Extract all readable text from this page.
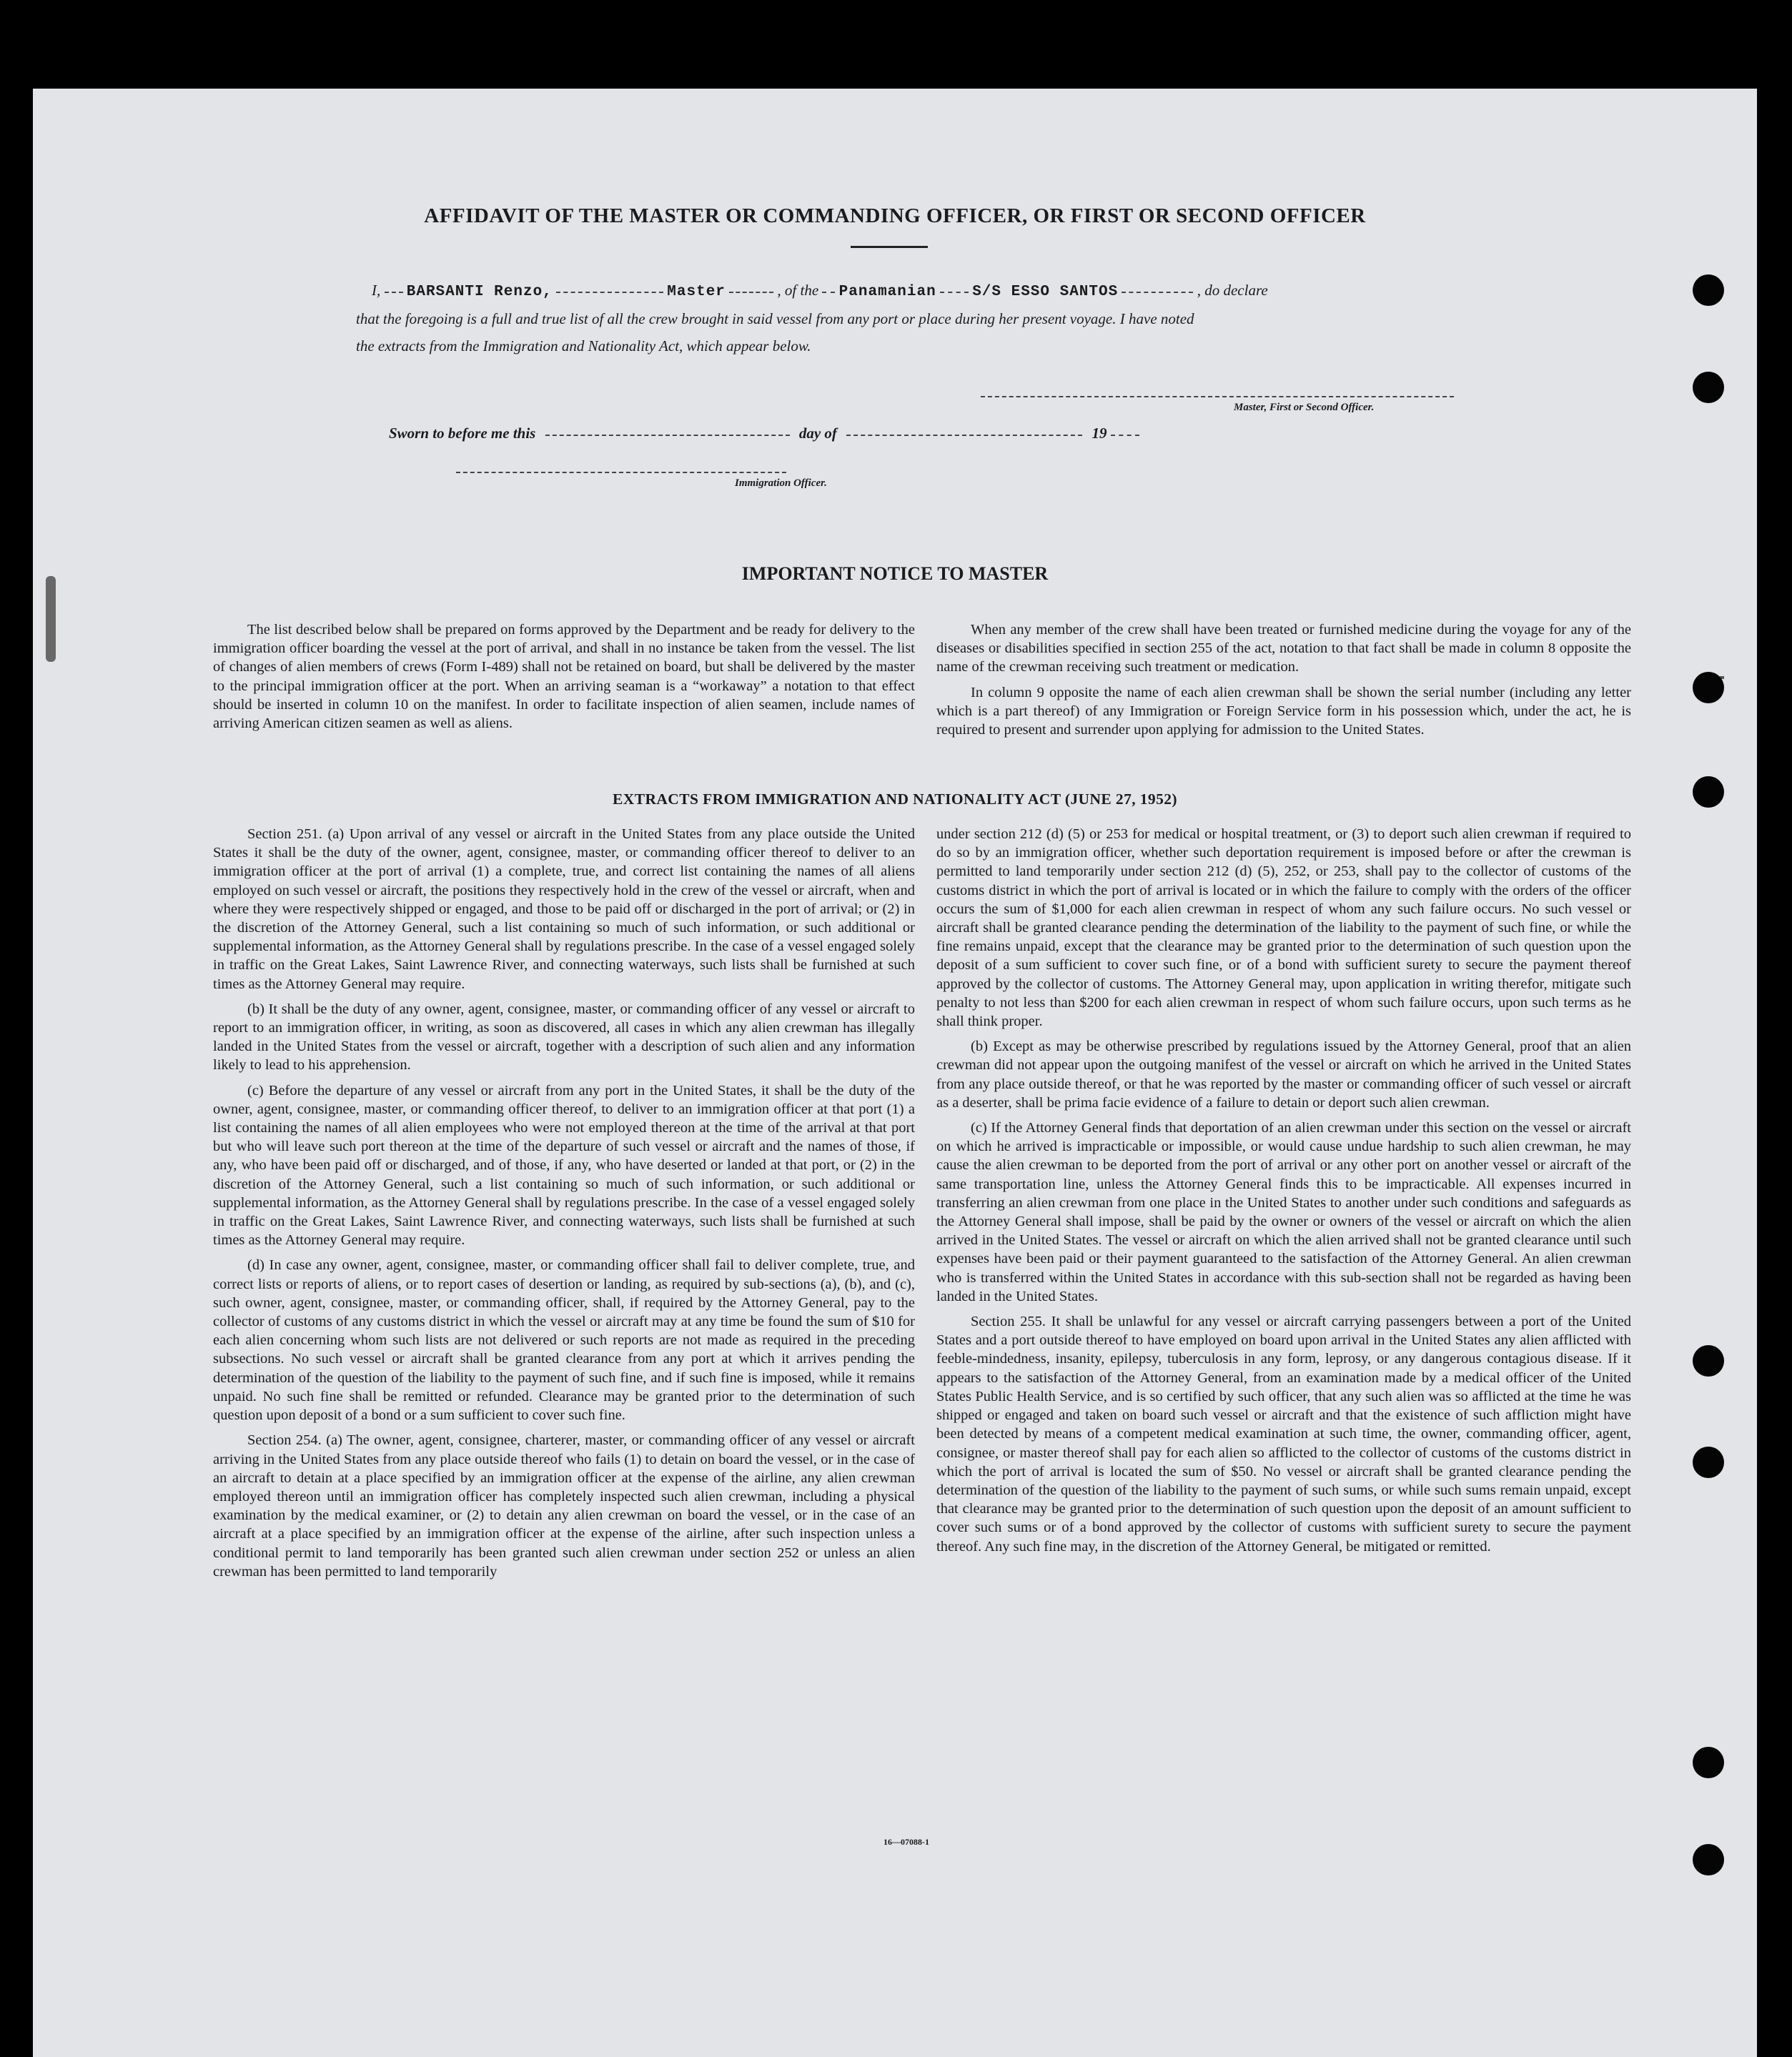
AFFIDAVIT OF THE MASTER OR COMMANDING OFFICER, OR FIRST OR SECOND OFFICER
I, BARSANTI Renzo,	Master	, of the Panamanian S/S ESSO SANTOS	, do declare
that the foregoing is a full and true list of all the crew brought in said vessel from any port or place during her present voyage. I have noted
the extracts from the Immigration and Nationality Act, which appear below.
Master, First or Second Officer.
Sworn to before me this	day of	19
Immigration Officer.
IMPORTANT NOTICE TO MASTER

The list described below shall be prepared on forms approved by the Department and be ready for delivery to the immigration officer boarding the vessel at the port of arrival, and shall in no instance be taken from the vessel. The list of changes of alien members of crews (Form I-489) shall not be retained on board, but shall be delivered by the master to the principal immigration officer at the port. When an arriving seaman is a “workaway” a notation to that effect should be inserted in column 10 on the manifest. In order to facilitate inspection of alien seamen, include names of arriving American citizen seamen as well as aliens.

When any member of the crew shall have been treated or furnished medicine during the voyage for any of the diseases or disabilities specified in section 255 of the act, notation to that fact shall be made in column 8 opposite the name of the crewman receiving such treatment or medication.

In column 9 opposite the name of each alien crewman shall be shown the serial number (including any letter which is a part thereof) of any Immigration or Foreign Service form in his possession which, under the act, he is required to present and surrender upon applying for admission to the United States.

EXTRACTS FROM IMMIGRATION AND NATIONALITY ACT (JUNE 27, 1952)

Section 251. (a) Upon arrival of any vessel or aircraft in the United States from any place outside the United States it shall be the duty of the owner, agent, consignee, master, or commanding officer thereof to deliver to an immigration officer at the port of arrival (1) a complete, true, and correct list containing the names of all aliens employed on such vessel or aircraft, the positions they respectively hold in the crew of the vessel or aircraft, when and where they were respectively shipped or engaged, and those to be paid off or discharged in the port of arrival; or (2) in the discretion of the Attorney General, such a list containing so much of such information, or such additional or supplemental information, as the Attorney General shall by regulations prescribe. In the case of a vessel engaged solely in traffic on the Great Lakes, Saint Lawrence River, and connecting waterways, such lists shall be furnished at such times as the Attorney General may require.

(b) It shall be the duty of any owner, agent, consignee, master, or commanding officer of any vessel or aircraft to report to an immigration officer, in writing, as soon as discovered, all cases in which any alien crewman has illegally landed in the United States from the vessel or aircraft, together with a description of such alien and any information likely to lead to his apprehension.

(c) Before the departure of any vessel or aircraft from any port in the United States, it shall be the duty of the owner, agent, consignee, master, or commanding officer thereof, to deliver to an immigration officer at that port (1) a list containing the names of all alien employees who were not employed thereon at the time of the arrival at that port but who will leave such port thereon at the time of the departure of such vessel or aircraft and the names of those, if any, who have been paid off or discharged, and of those, if any, who have deserted or landed at that port, or (2) in the discretion of the Attorney General, such a list containing so much of such information, or such additional or supplemental information, as the Attorney General shall by regulations prescribe. In the case of a vessel engaged solely in traffic on the Great Lakes, Saint Lawrence River, and connecting waterways, such lists shall be furnished at such times as the Attorney General may require.

(d) In case any owner, agent, consignee, master, or commanding officer shall fail to deliver complete, true, and correct lists or reports of aliens, or to report cases of desertion or landing, as required by sub-sections (a), (b), and (c), such owner, agent, consignee, master, or commanding officer, shall, if required by the Attorney General, pay to the collector of customs of any customs district in which the vessel or aircraft may at any time be found the sum of $10 for each alien concerning whom such lists are not delivered or such reports are not made as required in the preceding subsections. No such vessel or aircraft shall be granted clearance from any port at which it arrives pending the determination of the question of the liability to the payment of such fine, and if such fine is imposed, while it remains unpaid. No such fine shall be remitted or refunded. Clearance may be granted prior to the determination of such question upon deposit of a bond or a sum sufficient to cover such fine.

Section 254. (a) The owner, agent, consignee, charterer, master, or commanding officer of any vessel or aircraft arriving in the United States from any place outside thereof who fails (1) to detain on board the vessel, or in the case of an aircraft to detain at a place specified by an immigration officer at the expense of the airline, any alien crewman employed thereon until an immigration officer has completely inspected such alien crewman, including a physical examination by the medical examiner, or (2) to detain any alien crewman on board the vessel, or in the case of an aircraft at a place specified by an immigration officer at the expense of the airline, after such inspection unless a conditional permit to land temporarily has been granted such alien crewman under section 252 or unless an alien crewman has been permitted to land temporarily

under section 212 (d) (5) or 253 for medical or hospital treatment, or (3) to deport such alien crewman if required to do so by an immigration officer, whether such deportation requirement is imposed before or after the crewman is permitted to land temporarily under section 212 (d) (5), 252, or 253, shall pay to the collector of customs of the customs district in which the port of arrival is located or in which the failure to comply with the orders of the officer occurs the sum of $1,000 for each alien crewman in respect of whom any such failure occurs. No such vessel or aircraft shall be granted clearance pending the determination of the liability to the payment of such fine, or while the fine remains unpaid, except that the clearance may be granted prior to the determination of such question upon the deposit of a sum sufficient to cover such fine, or of a bond with sufficient surety to secure the payment thereof approved by the collector of customs. The Attorney General may, upon application in writing therefor, mitigate such penalty to not less than $200 for each alien crewman in respect of whom such failure occurs, upon such terms as he shall think proper.

(b) Except as may be otherwise prescribed by regulations issued by the Attorney General, proof that an alien crewman did not appear upon the outgoing manifest of the vessel or aircraft on which he arrived in the United States from any place outside thereof, or that he was reported by the master or commanding officer of such vessel or aircraft as a deserter, shall be prima facie evidence of a failure to detain or deport such alien crewman.

(c) If the Attorney General finds that deportation of an alien crewman under this section on the vessel or aircraft on which he arrived is impracticable or impossible, or would cause undue hardship to such alien crewman, he may cause the alien crewman to be deported from the port of arrival or any other port on another vessel or aircraft of the same transportation line, unless the Attorney General finds this to be impracticable. All expenses incurred in transferring an alien crewman from one place in the United States to another under such conditions and safeguards as the Attorney General shall impose, shall be paid by the owner or owners of the vessel or aircraft on which the alien arrived in the United States. The vessel or aircraft on which the alien arrived shall not be granted clearance until such expenses have been paid or their payment guaranteed to the satisfaction of the Attorney General. An alien crewman who is transferred within the United States in accordance with this sub-section shall not be regarded as having been landed in the United States.

Section 255. It shall be unlawful for any vessel or aircraft carrying passengers between a port of the United States and a port outside thereof to have employed on board upon arrival in the United States any alien afflicted with feeble-mindedness, insanity, epilepsy, tuberculosis in any form, leprosy, or any dangerous contagious disease. If it appears to the satisfaction of the Attorney General, from an examination made by a medical officer of the United States Public Health Service, and is so certified by such officer, that any such alien was so afflicted at the time he was shipped or engaged and taken on board such vessel or aircraft and that the existence of such affliction might have been detected by means of a competent medical examination at such time, the owner, commanding officer, agent, consignee, or master thereof shall pay for each alien so afflicted to the collector of customs of the customs district in which the port of arrival is located the sum of $50. No vessel or aircraft shall be granted clearance pending the determination of the question of the liability to the payment of such sums, or while such sums remain unpaid, except that clearance may be granted prior to the determination of such question upon the deposit of an amount sufficient to cover such sums or of a bond approved by the collector of customs with sufficient surety to secure the payment thereof. Any such fine may, in the discretion of the Attorney General, be mitigated or remitted.

16—07088-1
